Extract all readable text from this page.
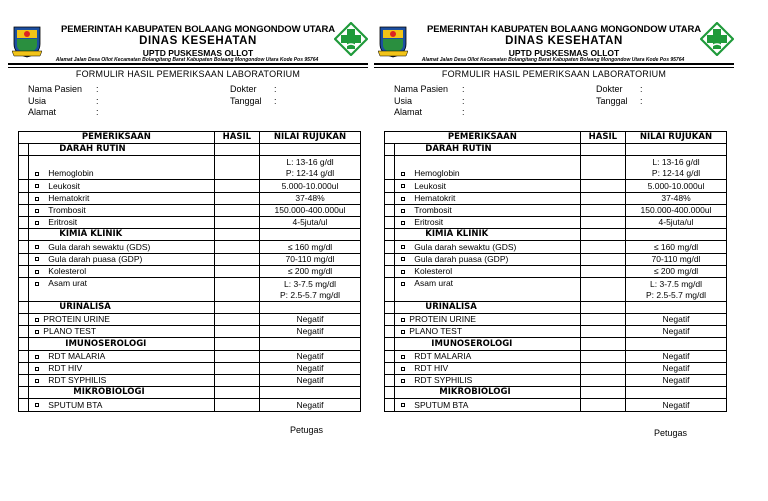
PEMERINTAH KABUPATEN BOLAANG MONGONDOW UTARA
DINAS KESEHATAN
UPTD PUSKESMAS OLLOT
Alamat Jalan Desa Ollot Kecamatan Bolangitang Barat Kabupaten Bolaang Mongondow Utara Kode Pos 95764
FORMULIR HASIL PEMERIKSAAN LABORATORIUM
Nama Pasien	:
Usia	:
Alamat	:
Dokter	:
Tanggal	:
PEMERIKSAAN		HASIL	NILAI RUJUKAN
	DARAH RUTIN		
	Hemoglobin		L: 13-16 g/dl
P: 12-14 g/dl

	Leukosit		5.000-10.000ul
	Hematokrit		37-48%
	Trombosit		150.000-400.000ul
	Eritrosit		4-5juta/ul
	KIMIA KLINIK		
	Gula darah sewaktu (GDS)		≤ 160 mg/dl
	Gula darah puasa (GDP)		70-110 mg/dl
	Kolesterol		≤ 200 mg/dl
	Asam urat		L: 3-7.5 mg/dl
P: 2.5-5.7 mg/dl

	URINALISA		
	PROTEIN URINE		Negatif
	PLANO TEST		Negatif
	IMUNOSEROLOGI		
	RDT MALARIA		Negatif
	RDT HIV		Negatif
	RDT SYPHILIS		Negatif
	MIKROBIOLOGI		
	SPUTUM BTA		Negatif
Petugas
PEMERINTAH KABUPATEN BOLAANG MONGONDOW UTARA
DINAS KESEHATAN
UPTD PUSKESMAS OLLOT
Alamat Jalan Desa Ollot Kecamatan Bolangitang Barat Kabupaten Bolaang Mongondow Utara Kode Pos 95764
FORMULIR HASIL PEMERIKSAAN LABORATORIUM
Nama Pasien	:
Usia	:
Alamat	:
Dokter	:
Tanggal	:
PEMERIKSAAN		HASIL	NILAI RUJUKAN
	DARAH RUTIN		
	Hemoglobin		L: 13-16 g/dl
P: 12-14 g/dl

	Leukosit		5.000-10.000ul
	Hematokrit		37-48%
	Trombosit		150.000-400.000ul
	Eritrosit		4-5juta/ul
	KIMIA KLINIK		
	Gula darah sewaktu (GDS)		≤ 160 mg/dl
	Gula darah puasa (GDP)		70-110 mg/dl
	Kolesterol		≤ 200 mg/dl
	Asam urat		L: 3-7.5 mg/dl
P: 2.5-5.7 mg/dl

	URINALISA		
	PROTEIN URINE		Negatif
	PLANO TEST		Negatif
	IMUNOSEROLOGI		
	RDT MALARIA		Negatif
	RDT HIV		Negatif
	RDT SYPHILIS		Negatif
	MIKROBIOLOGI		
	SPUTUM BTA		Negatif
Petugas
